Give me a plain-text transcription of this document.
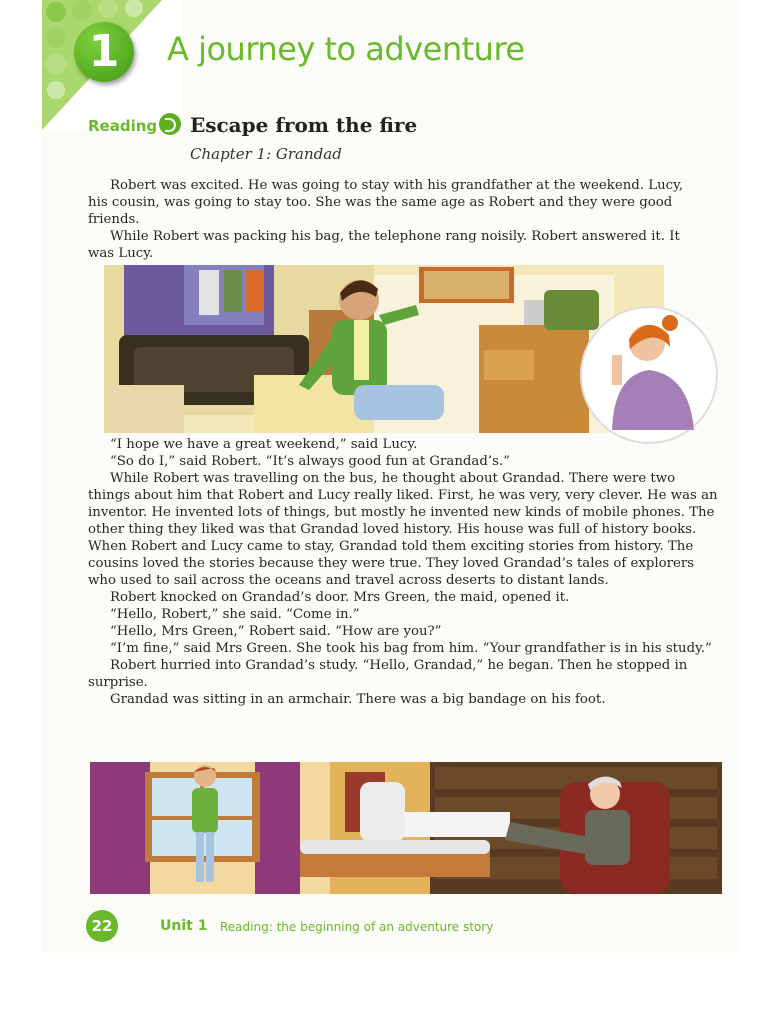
1	A journey to adventure
Reading Escape from the fire
Chapter 1: Grandad

Robert was excited. He was going to stay with his grandfather at the weekend. Lucy, his cousin, was going to stay too. She was the same age as Robert and they were good friends.

While Robert was packing his bag, the telephone rang noisily. Robert answered it. It was Lucy.

“I hope we have a great weekend,” said Lucy.

“So do I,” said Robert. “It’s always good fun at Grandad’s.”

While Robert was travelling on the bus, he thought about Grandad. There were two things about him that Robert and Lucy really liked. First, he was very, very clever. He was an inventor. He invented lots of things, but mostly he invented new kinds of mobile phones. The other thing they liked was that Grandad loved history. His house was full of history books. When Robert and Lucy came to stay, Grandad told them exciting stories from history. The cousins loved the stories because they were true. They loved Grandad’s tales of explorers who used to sail across the oceans and travel across deserts to distant lands.

Robert knocked on Grandad’s door. Mrs Green, the maid, opened it.

“Hello, Robert,” she said. “Come in.”

“Hello, Mrs Green,” Robert said. “How are you?”

“I’m fine,” said Mrs Green. She took his bag from him. “Your grandfather is in his study.”

Robert hurried into Grandad’s study. “Hello, Grandad,” he began. Then he stopped in surprise.

Grandad was sitting in an armchair. There was a big bandage on his foot.

22	Unit 1 Reading: the beginning of an adventure story
